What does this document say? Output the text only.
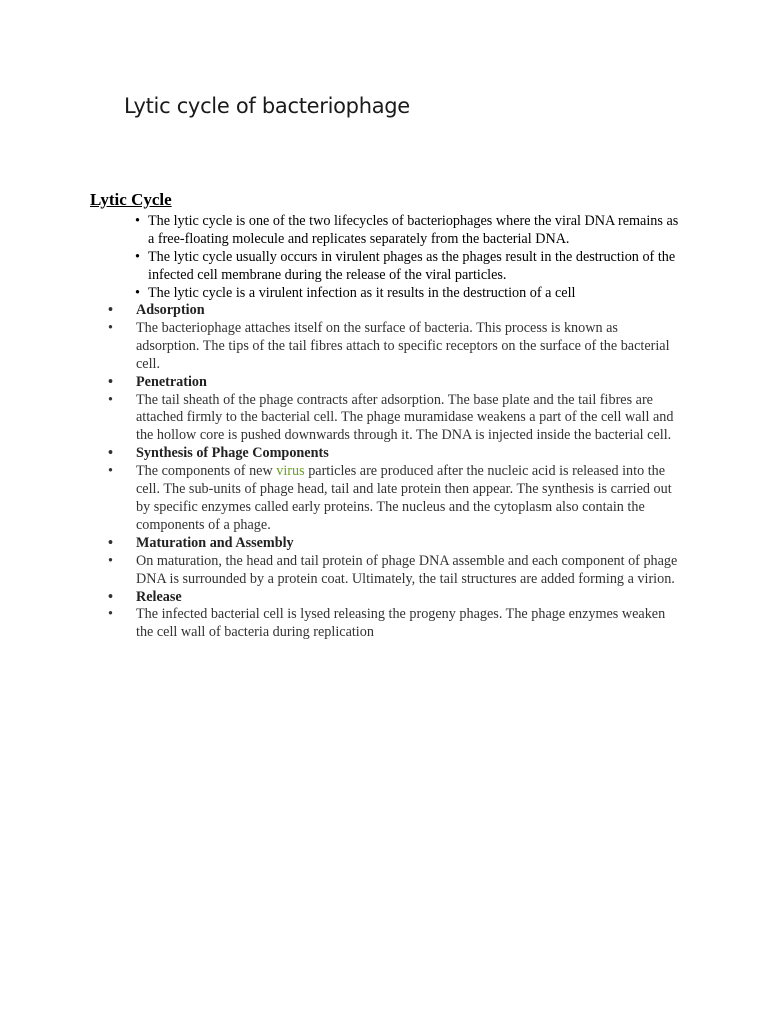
Lytic cycle of bacteriophage
Lytic Cycle
• The lytic cycle is one of the two lifecycles of bacteriophages where the viral DNA remains as a free-floating molecule and replicates separately from the bacterial DNA.
• The lytic cycle usually occurs in virulent phages as the phages result in the destruction of the infected cell membrane during the release of the viral particles.
• The lytic cycle is a virulent infection as it results in the destruction of a cell
•	Adsorption
•	The bacteriophage attaches itself on the surface of bacteria. This process is known as adsorption. The tips of the tail fibres attach to specific receptors on the surface of the bacterial cell.
•	Penetration
•	The tail sheath of the phage contracts after adsorption. The base plate and the tail fibres are attached firmly to the bacterial cell. The phage muramidase weakens a part of the cell wall and the hollow core is pushed downwards through it. The DNA is injected inside the bacterial cell.
•	Synthesis of Phage Components
•	The components of new virus particles are produced after the nucleic acid is released into the cell. The sub-units of phage head, tail and late protein then appear. The synthesis is carried out by specific enzymes called early proteins. The nucleus and the cytoplasm also contain the components of a phage.
•	Maturation and Assembly
•	On maturation, the head and tail protein of phage DNA assemble and each component of phage DNA is surrounded by a protein coat. Ultimately, the tail structures are added forming a virion.
•	Release
•	The infected bacterial cell is lysed releasing the progeny phages. The phage enzymes weaken the cell wall of bacteria during replication
